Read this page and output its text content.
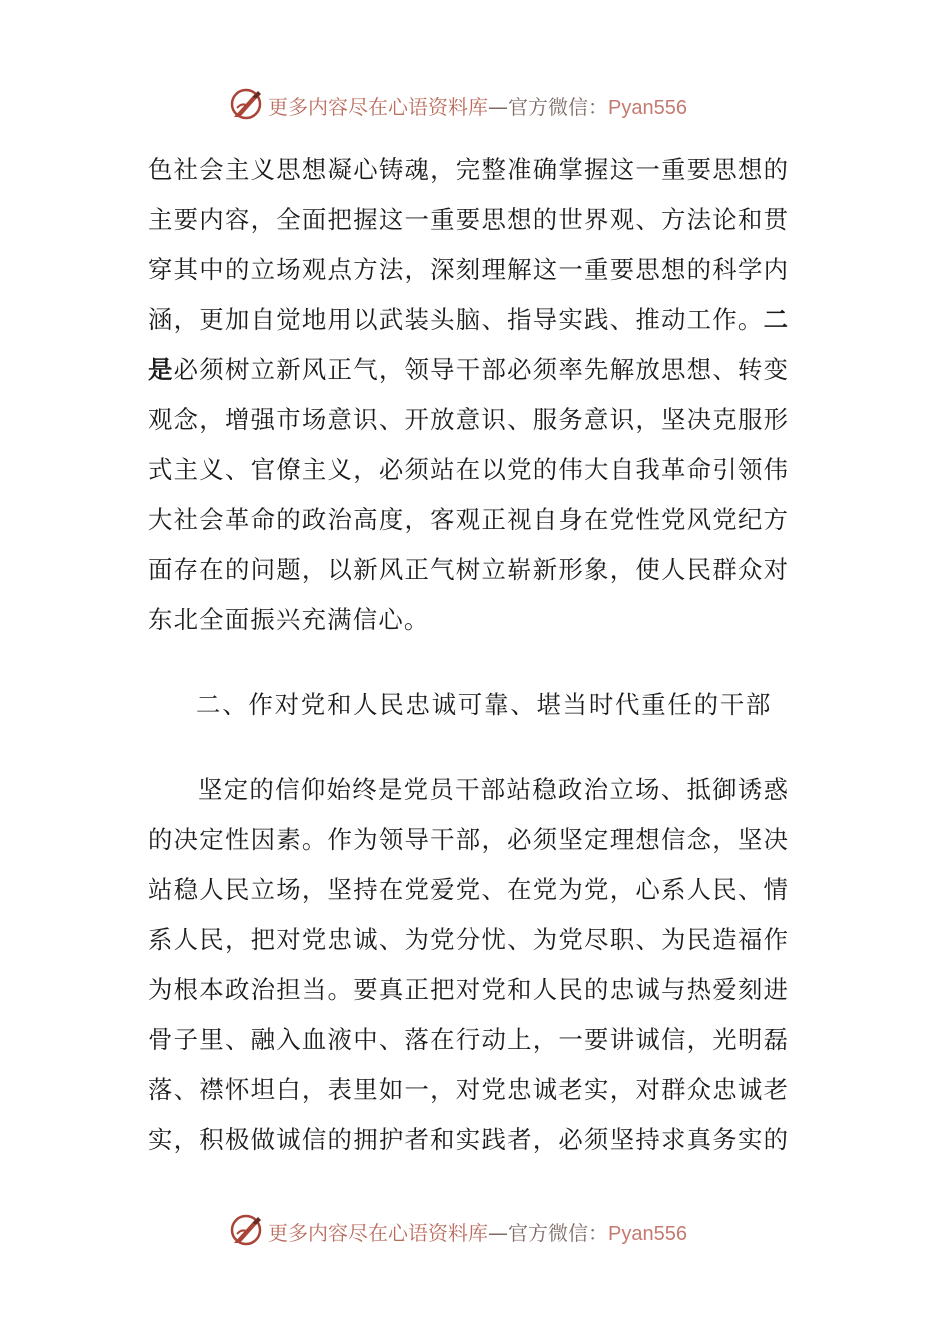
更多内容尽在心语资料库—官方微信：Pyan556
色社会主义思想凝心铸魂，完整准确掌握这一重要思想的
主要内容，全面把握这一重要思想的世界观、方法论和贯
穿其中的立场观点方法，深刻理解这一重要思想的科学内
涵，更加自觉地用以武装头脑、指导实践、推动工作。二
是必须树立新风正气，领导干部必须率先解放思想、转变
观念，增强市场意识、开放意识、服务意识，坚决克服形
式主义、官僚主义，必须站在以党的伟大自我革命引领伟
大社会革命的政治高度，客观正视自身在党性党风党纪方
面存在的问题，以新风正气树立崭新形象，使人民群众对
东北全面振兴充满信心。
二、作对党和人民忠诚可靠、堪当时代重任的干部
坚定的信仰始终是党员干部站稳政治立场、抵御诱惑
的决定性因素。作为领导干部，必须坚定理想信念，坚决
站稳人民立场，坚持在党爱党、在党为党，心系人民、情
系人民，把对党忠诚、为党分忧、为党尽职、为民造福作
为根本政治担当。要真正把对党和人民的忠诚与热爱刻进
骨子里、融入血液中、落在行动上，一要讲诚信，光明磊
落、襟怀坦白，表里如一，对党忠诚老实，对群众忠诚老
实，积极做诚信的拥护者和实践者，必须坚持求真务实的
更多内容尽在心语资料库—官方微信：Pyan556
